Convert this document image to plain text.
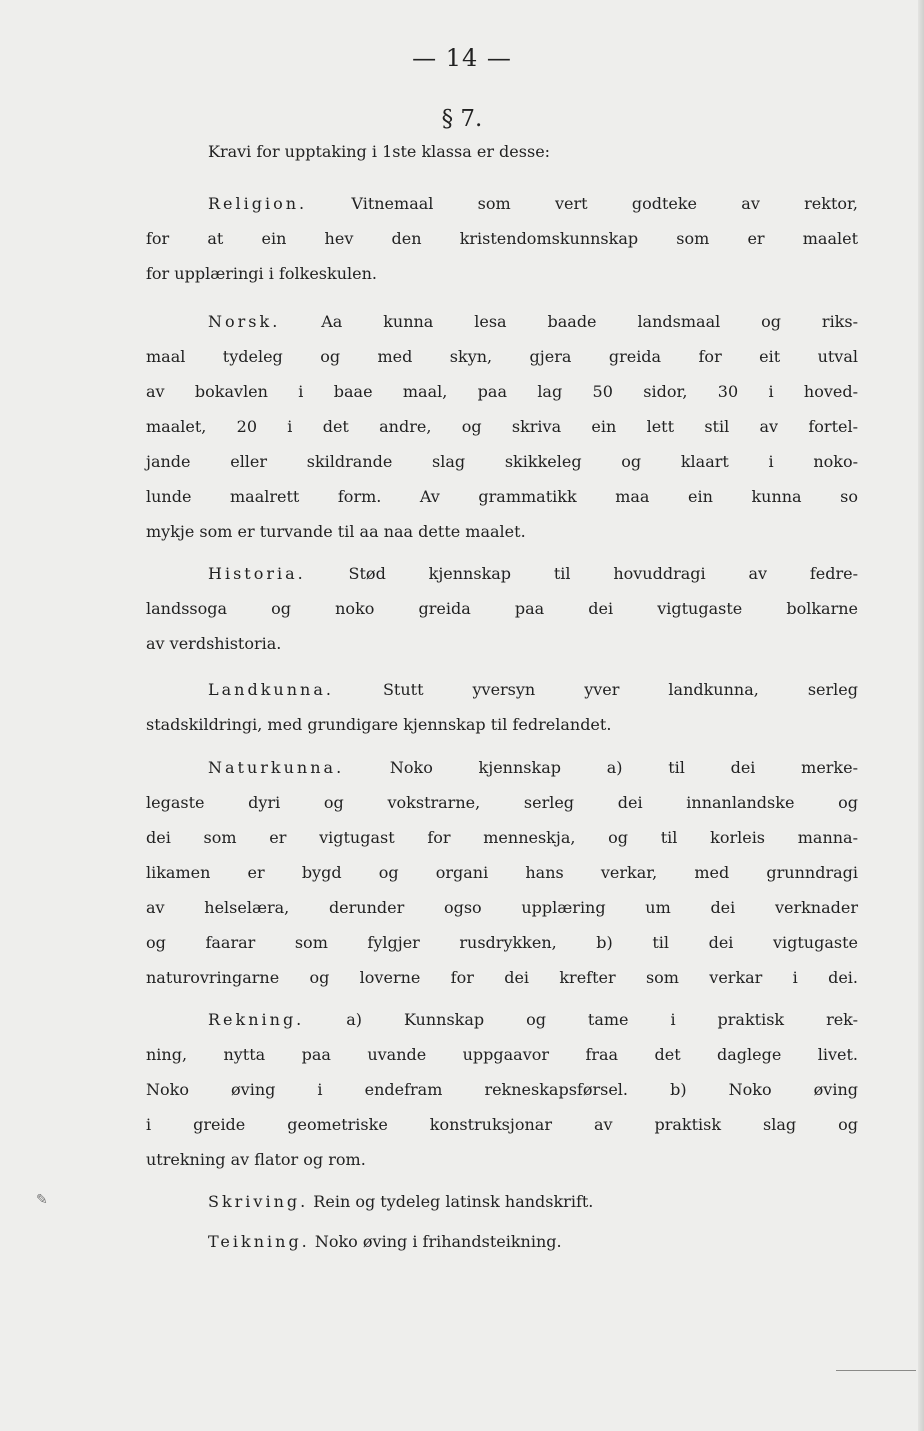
✎
— 14 —
§ 7.
Kravi for upptaking i 1ste klassa er desse:
Religion. Vitnemaal som vert godteke av rektor,
for at ein hev den kristendomskunnskap som er maalet
for upplæringi i folkeskulen.
Norsk. Aa kunna lesa baade landsmaal og riks-
maal tydeleg og med skyn, gjera greida for eit utval
av bokavlen i baae maal, paa lag 50 sidor, 30 i hoved-
maalet, 20 i det andre, og skriva ein lett stil av fortel-
jande eller skildrande slag skikkeleg og klaart i noko-
lunde maalrett form. Av grammatikk maa ein kunna so
mykje som er turvande til aa naa dette maalet.
Historia. Stød kjennskap til hovuddragi av fedre-
landssoga og noko greida paa dei vigtugaste bolkarne
av verdshistoria.
Landkunna. Stutt yversyn yver landkunna, serleg
stadskildringi, med grundigare kjennskap til fedrelandet.
Naturkunna. Noko kjennskap a) til dei merke-
legaste dyri og vokstrarne, serleg dei innanlandske og
dei som er vigtugast for menneskja, og til korleis manna-
likamen er bygd og organi hans verkar, med grunndragi
av helselæra, derunder ogso upplæring um dei verknader
og faarar som fylgjer rusdrykken, b) til dei vigtugaste
naturovringarne og loverne for dei krefter som verkar i dei.
Rekning. a) Kunnskap og tame i praktisk rek-
ning, nytta paa uvande uppgaavor fraa det daglege livet.
Noko øving i endefram rekneskapsførsel. b) Noko øving
i greide geometriske konstruksjonar av praktisk slag og
utrekning av flator og rom.
Skriving. Rein og tydeleg latinsk handskrift.
Teikning. Noko øving i frihandsteikning.
